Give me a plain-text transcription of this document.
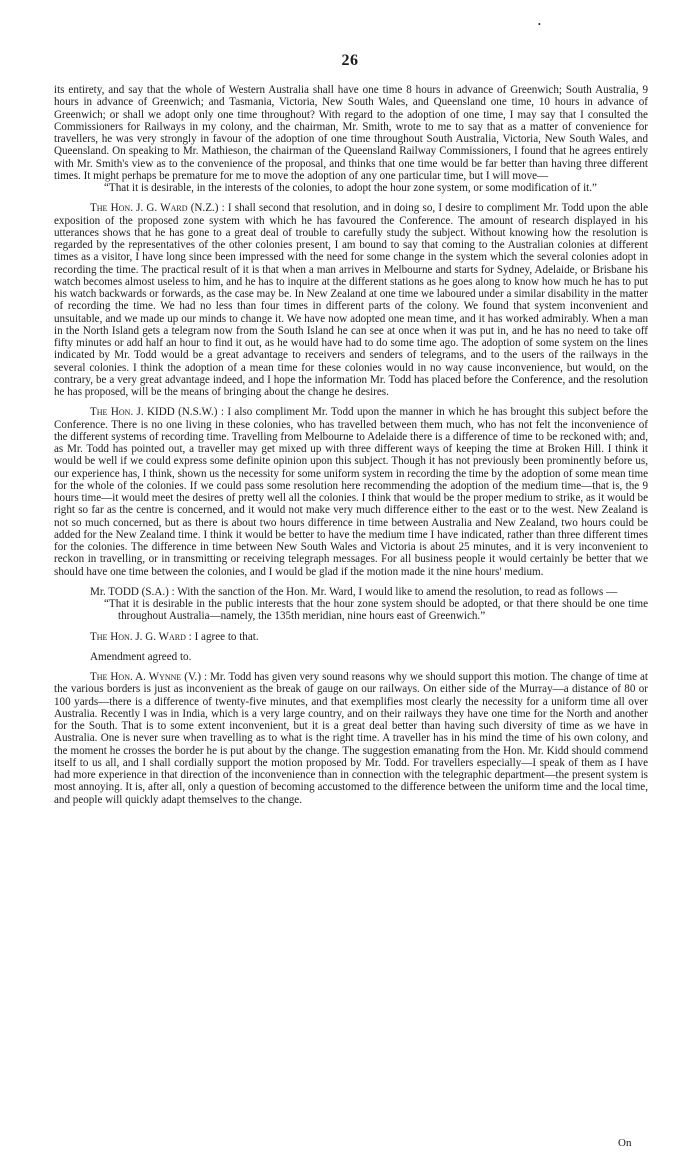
•
26

its entirety, and say that the whole of Western Australia shall have one time 8 hours in advance of Greenwich; South Australia, 9 hours in advance of Greenwich; and Tasmania, Victoria, New South Wales, and Queensland one time, 10 hours in advance of Greenwich; or shall we adopt only one time throughout? With regard to the adoption of one time, I may say that I consulted the Commissioners for Railways in my colony, and the chairman, Mr. Smith, wrote to me to say that as a matter of convenience for travellers, he was very strongly in favour of the adoption of one time throughout South Australia, Victoria, New South Wales, and Queensland. On speaking to Mr. Mathieson, the chairman of the Queensland Railway Commissioners, I found that he agrees entirely with Mr. Smith's view as to the convenience of the proposal, and thinks that one time would be far better than having three different times. It might perhaps be premature for me to move the adoption of any one particular time, but I will move—

“That it is desirable, in the interests of the colonies, to adopt the hour zone system, or some modification of it.”

The Hon. J. G. Ward (N.Z.) : I shall second that resolution, and in doing so, I desire to compliment Mr. Todd upon the able exposition of the proposed zone system with which he has favoured the Conference. The amount of research displayed in his utterances shows that he has gone to a great deal of trouble to carefully study the subject. Without knowing how the resolution is regarded by the representatives of the other colonies present, I am bound to say that coming to the Australian colonies at different times as a visitor, I have long since been impressed with the need for some change in the system which the several colonies adopt in recording the time. The practical result of it is that when a man arrives in Melbourne and starts for Sydney, Adelaide, or Brisbane his watch becomes almost useless to him, and he has to inquire at the different stations as he goes along to know how much he has to put his watch backwards or forwards, as the case may be. In New Zealand at one time we laboured under a similar disability in the matter of recording the time. We had no less than four times in different parts of the colony. We found that system inconvenient and unsuitable, and we made up our minds to change it. We have now adopted one mean time, and it has worked admirably. When a man in the North Island gets a telegram now from the South Island he can see at once when it was put in, and he has no need to take off fifty minutes or add half an hour to find it out, as he would have had to do some time ago. The adoption of some system on the lines indicated by Mr. Todd would be a great advantage to receivers and senders of telegrams, and to the users of the railways in the several colonies. I think the adoption of a mean time for these colonies would in no way cause inconvenience, but would, on the contrary, be a very great advantage indeed, and I hope the information Mr. Todd has placed before the Conference, and the resolution he has proposed, will be the means of bringing about the change he desires.

The Hon. J. KIDD (N.S.W.) : I also compliment Mr. Todd upon the manner in which he has brought this subject before the Conference. There is no one living in these colonies, who has travelled between them much, who has not felt the inconvenience of the different systems of recording time. Travelling from Melbourne to Adelaide there is a difference of time to be reckoned with; and, as Mr. Todd has pointed out, a traveller may get mixed up with three different ways of keeping the time at Broken Hill. I think it would be well if we could express some definite opinion upon this subject. Though it has not previously been prominently before us, our experience has, I think, shown us the necessity for some uniform system in recording the time by the adoption of some mean time for the whole of the colonies. If we could pass some resolution here recommending the adoption of the medium time—that is, the 9 hours time—it would meet the desires of pretty well all the colonies. I think that would be the proper medium to strike, as it would be right so far as the centre is concerned, and it would not make very much difference either to the east or to the west. New Zealand is not so much concerned, but as there is about two hours difference in time between Australia and New Zealand, two hours could be added for the New Zealand time. I think it would be better to have the medium time I have indicated, rather than three different times for the colonies. The difference in time between New South Wales and Victoria is about 25 minutes, and it is very inconvenient to reckon in travelling, or in transmitting or receiving telegraph messages. For all business people it would certainly be better that we should have one time between the colonies, and I would be glad if the motion made it the nine hours' medium.

Mr. TODD (S.A.) : With the sanction of the Hon. Mr. Ward, I would like to amend the resolution, to read as follows —

“That it is desirable in the public interests that the hour zone system should be adopted, or that there should be one time throughout Australia—namely, the 135th meridian, nine hours east of Greenwich.”

The Hon. J. G. Ward : I agree to that.

Amendment agreed to.

The Hon. A. Wynne (V.) : Mr. Todd has given very sound reasons why we should support this motion. The change of time at the various borders is just as inconvenient as the break of gauge on our railways. On either side of the Murray—a distance of 80 or 100 yards—there is a difference of twenty-five minutes, and that exemplifies most clearly the necessity for a uniform time all over Australia. Recently I was in India, which is a very large country, and on their railways they have one time for the North and another for the South. That is to some extent inconvenient, but it is a great deal better than having such diversity of time as we have in Australia. One is never sure when travelling as to what is the right time. A traveller has in his mind the time of his own colony, and the moment he crosses the border he is put about by the change. The suggestion emanating from the Hon. Mr. Kidd should commend itself to us all, and I shall cordially support the motion proposed by Mr. Todd. For travellers especially—I speak of them as I have had more experience in that direction of the inconvenience than in connection with the telegraphic department—the present system is most annoying. It is, after all, only a question of becoming accustomed to the difference between the uniform time and the local time, and people will quickly adapt themselves to the change.

On
